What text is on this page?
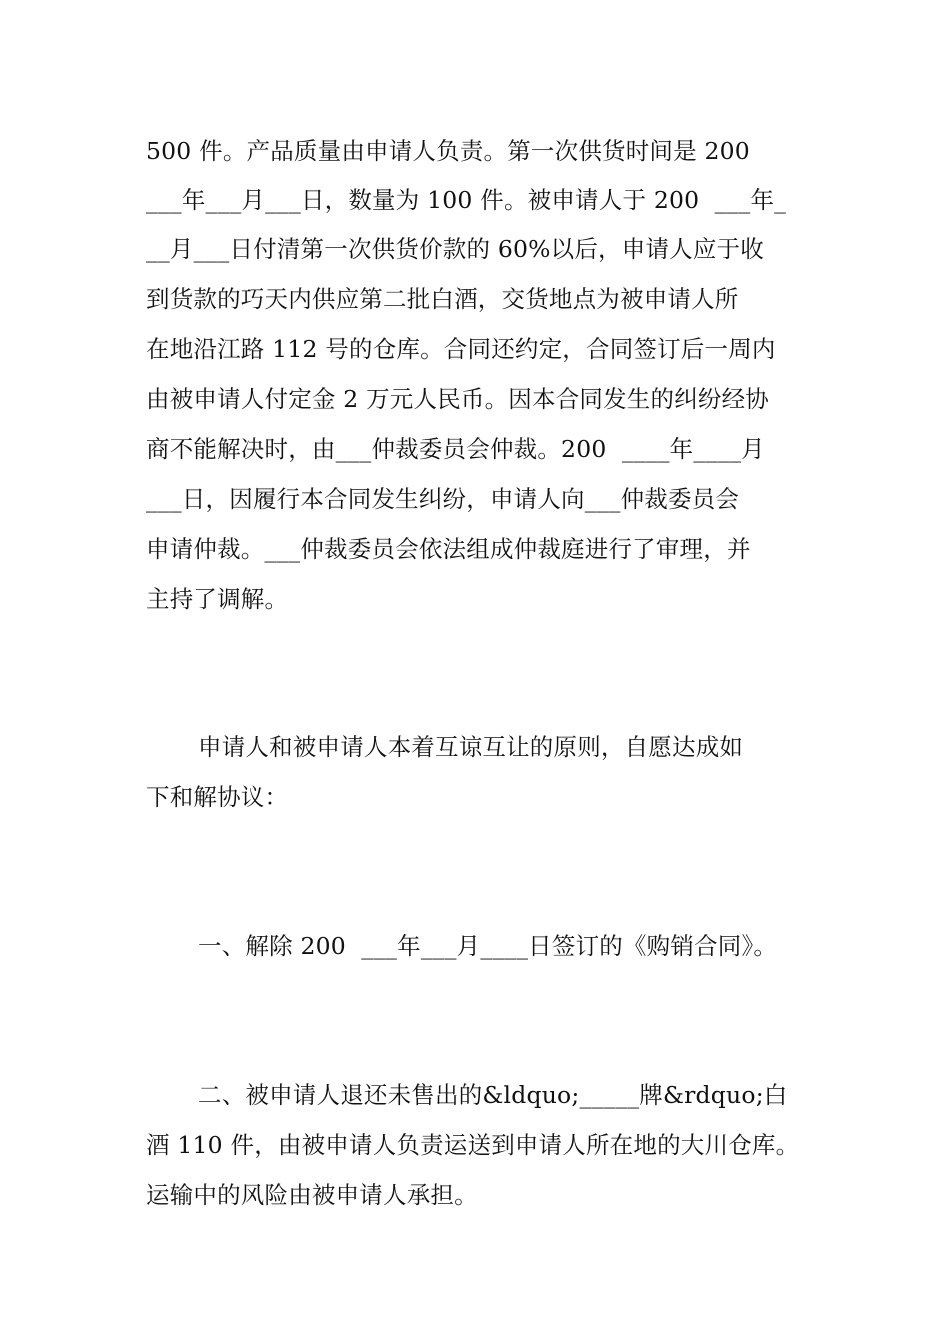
500 件。产品质量由申请人负责。第一次供货时间是 200
___年___月___日，数量为 100 件。被申请人于 200  ___年_
__月___日付清第一次供货价款的 60%以后，申请人应于收
到货款的巧天内供应第二批白酒，交货地点为被申请人所
在地沿江路 112 号的仓库。合同还约定，合同签订后一周内
由被申请人付定金 2 万元人民币。因本合同发生的纠纷经协
商不能解决时，由___仲裁委员会仲裁。200  ____年____月
___日，因履行本合同发生纠纷，申请人向___仲裁委员会
申请仲裁。___仲裁委员会依法组成仲裁庭进行了审理，并
主持了调解。
申请人和被申请人本着互谅互让的原则，自愿达成如
下和解协议：
一、解除 200  ___年___月____日签订的《购销合同》。
二、被申请人退还未售出的&ldquo;_____牌&rdquo;白
酒 110 件，由被申请人负责运送到申请人所在地的大川仓库。
运输中的风险由被申请人承担。
